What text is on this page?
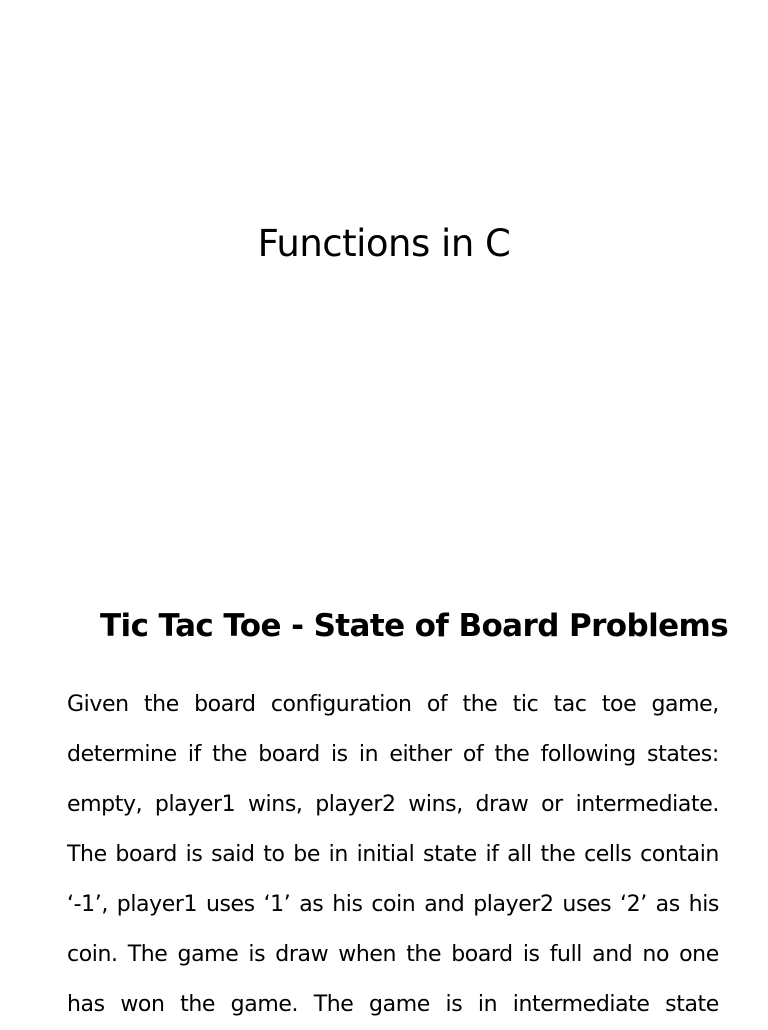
Functions in C
Tic Tac Toe - State of Board Problems
Given the board configuration of the tic tac toe game,
determine if the board is in either of the following states:
empty, player1 wins, player2 wins, draw or intermediate.
The board is said to be in initial state if all the cells contain
‘-1’, player1 uses ‘1’ as his coin and player2 uses ‘2’ as his
coin. The game is draw when the board is full and no one
has won the game. The game is in intermediate state
